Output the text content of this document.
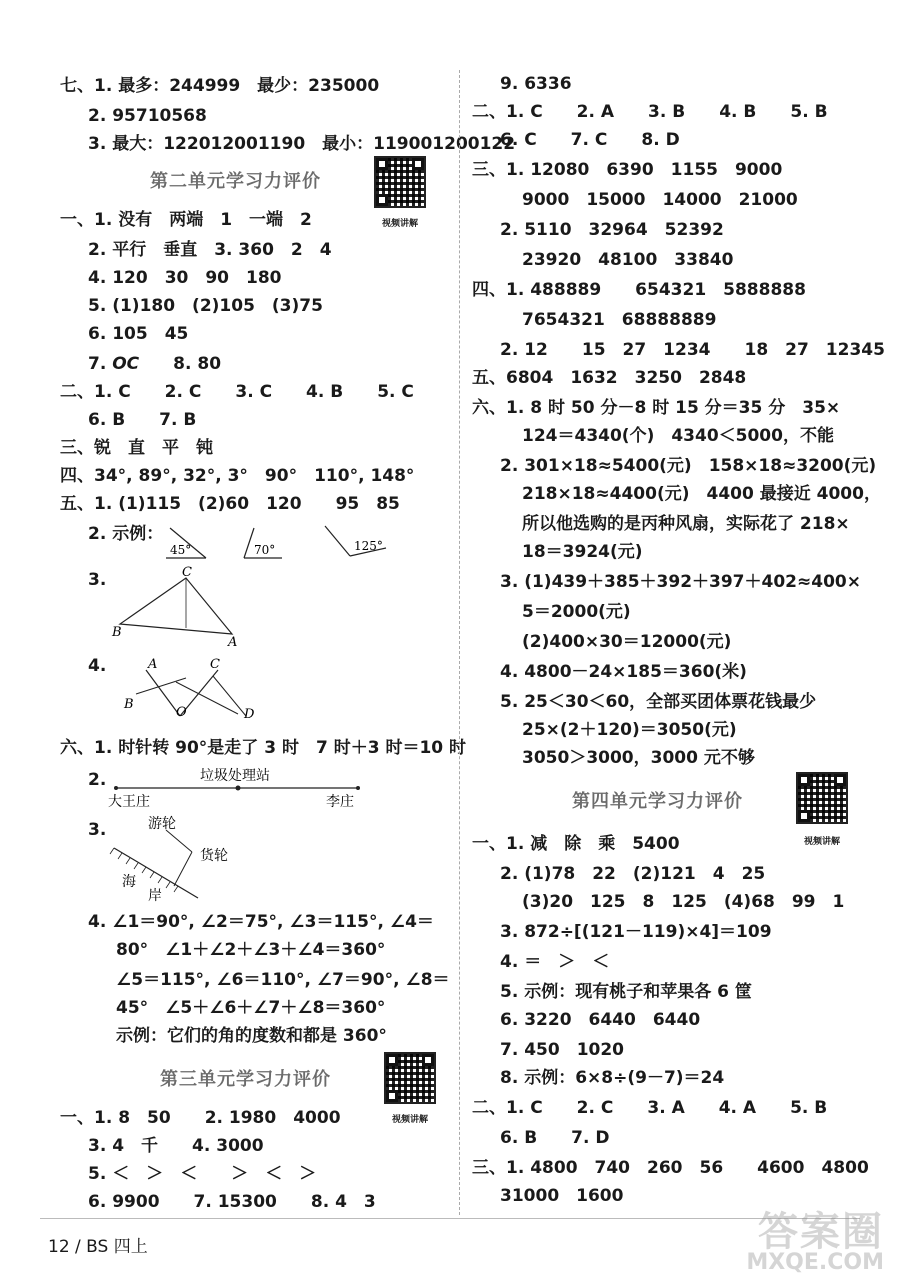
七、1. 最多：244999　最少：235000
2. 95710568
3. 最大：122012001190　最小：119001200122
第二单元学习力评价
视频讲解
一、1. 没有　两端　1　一端　2
2. 平行　垂直　3. 360　2　4
4. 120　30　90　180
5. (1)180　(2)105　(3)75
6. 105　45
7. OC　　8. 80
二、1. C　　2. C　　3. C　　4. B　　5. C
6. B　　7. B
三、锐　直　平　钝
四、34°, 89°, 32°, 3°　90°　110°, 148°
五、1. (1)115　(2)60　120　　95　85
2. 示例：
45°	70°	125°
3.	C
B
A
4.	A	C
B
O	D
六、1. 时针转 90°是走了 3 时　7 时＋3 时＝10 时
2.	垃圾处理站
大王庄	李庄
3.	游轮
货轮
海
岸
4. ∠1＝90°, ∠2＝75°, ∠3＝115°, ∠4＝
80°　∠1＋∠2＋∠3＋∠4＝360°
∠5＝115°, ∠6＝110°, ∠7＝90°, ∠8＝
45°　∠5＋∠6＋∠7＋∠8＝360°
示例：它们的角的度数和都是 360°
第三单元学习力评价
视频讲解
一、1. 8　50　　2. 1980　4000
3. 4　千　　4. 3000
5. ＜　＞　＜　　＞　＜　＞
6. 9900　　7. 15300　　8. 4　3
9. 6336
二、1. C　　2. A　　3. B　　4. B　　5. B
6. C　　7. C　　8. D
三、1. 12080　6390　1155　9000
9000　15000　14000　21000
2. 5110　32964　52392
23920　48100　33840
四、1. 488889　　654321　5888888
7654321　68888889
2. 12　　15　27　1234　　18　27　12345
五、6804　1632　3250　2848
六、1. 8 时 50 分－8 时 15 分＝35 分　35×
124＝4340(个)　4340＜5000，不能
2. 301×18≈5400(元)　158×18≈3200(元)
218×18≈4400(元)　4400 最接近 4000，
所以他选购的是丙种风扇，实际花了 218×
18＝3924(元)
3. (1)439＋385＋392＋397＋402≈400×
5＝2000(元)
(2)400×30＝12000(元)
4. 4800－24×185＝360(米)
5. 25＜30＜60，全部买团体票花钱最少
25×(2＋120)＝3050(元)
3050＞3000，3000 元不够
第四单元学习力评价
视频讲解
一、1. 减　除　乘　5400
2. (1)78　22　(2)121　4　25
(3)20　125　8　125　(4)68　99　1
3. 872÷[(121－119)×4]＝109
4. ＝　＞　＜
5. 示例：现有桃子和苹果各 6 筐
6. 3220　6440　6440
7. 450　1020
8. 示例：6×8÷(9－7)＝24
二、1. C　　2. C　　3. A　　4. A　　5. B
6. B　　7. D
三、1. 4800　740　260　56　　4600　4800
31000　1600
12 / BS 四上	答案圈
MXQE.COM
